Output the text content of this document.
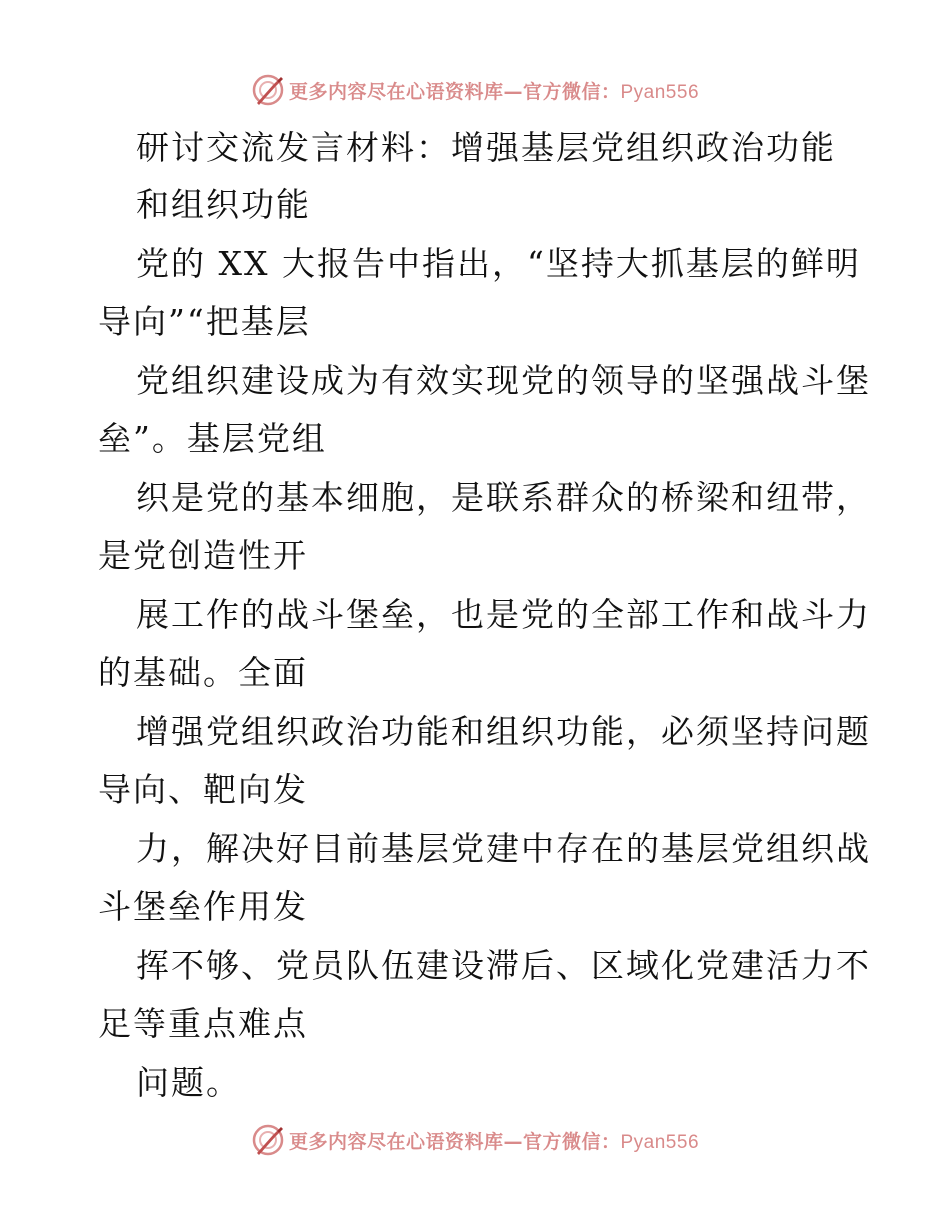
更多内容尽在心语资料库—官方微信：Pyan556
研讨交流发言材料：增强基层党组织政治功能
和组织功能
党的 XX 大报告中指出，“坚持大抓基层的鲜明
导向”“把基层
党组织建设成为有效实现党的领导的坚强战斗堡
垒”。基层党组
织是党的基本细胞，是联系群众的桥梁和纽带，
是党创造性开
展工作的战斗堡垒，也是党的全部工作和战斗力
的基础。全面
增强党组织政治功能和组织功能，必须坚持问题
导向、靶向发
力，解决好目前基层党建中存在的基层党组织战
斗堡垒作用发
挥不够、党员队伍建设滞后、区域化党建活力不
足等重点难点
问题。
更多内容尽在心语资料库—官方微信：Pyan556
